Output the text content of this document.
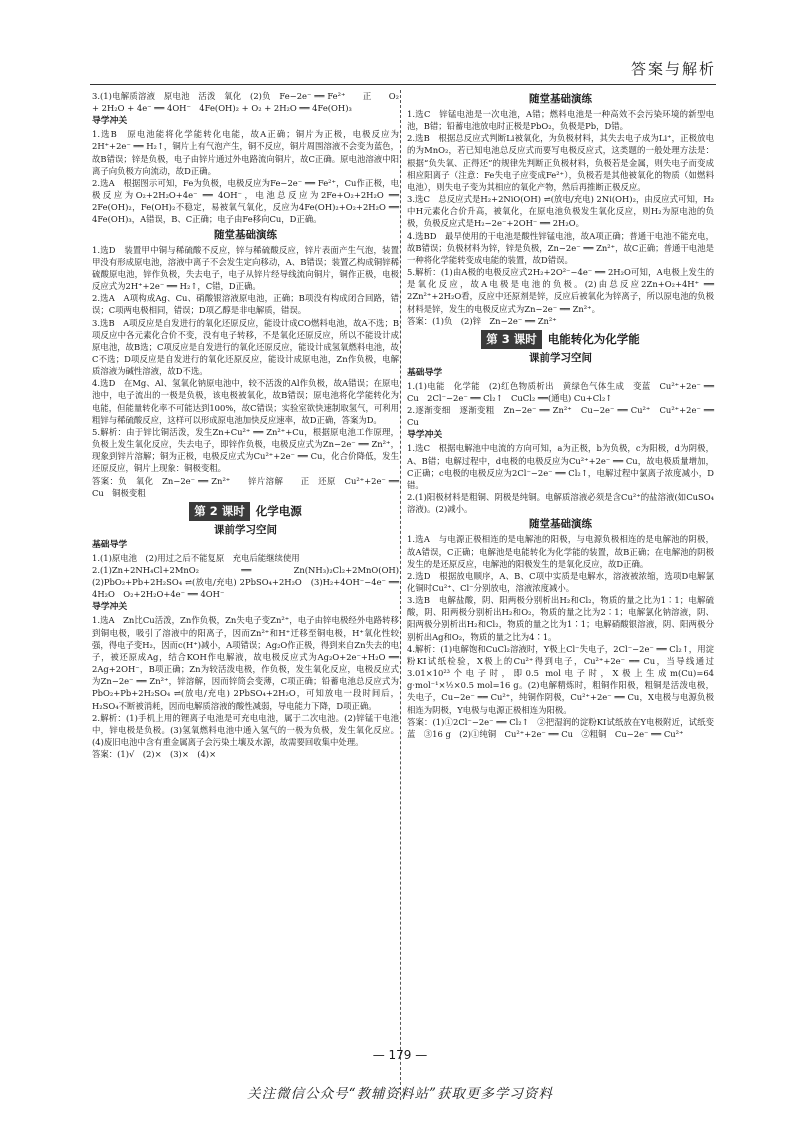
答案与解析
3.(1)电解质溶液　原电池　活泼　氧化　(2)负　Fe−2e⁻ ══ Fe²⁺　　正　　O₂ + 2H₂O + 4e⁻ ══ 4OH⁻　4Fe(OH)₂ + O₂ + 2H₂O ══ 4Fe(OH)₃
导学冲关
1.选B　原电池能将化学能转化电能，故A正确；铜片为正极，电极反应为2H⁺+2e⁻ ══ H₂↑，铜片上有气泡产生，铜不反应，铜片周围溶液不会变为蓝色，故B错误；锌是负极，电子由锌片通过外电路流向铜片，故C正确。原电池溶液中阳离子向负极方向流动，故D正确。
2.选A　根据图示可知，Fe为负极，电极反应为Fe−2e⁻ ══ Fe²⁺，Cu作正极，电极反应为O₂+2H₂O+4e⁻ ══ 4OH⁻，电池总反应为2Fe+O₂+2H₂O ══ 2Fe(OH)₂，Fe(OH)₂不稳定，易被氧气氧化，反应为4Fe(OH)₂+O₂+2H₂O ══ 4Fe(OH)₃，A错误，B、C正确；电子由Fe移向Cu，D正确。
随堂基础演练
1.选D　装置甲中铜与稀硫酸不反应，锌与稀硫酸反应，锌片表面产生气泡，装置甲没有形成原电池，溶液中离子不会发生定向移动，A、B错误；装置乙构成铜锌稀硫酸原电池，锌作负极，失去电子，电子从锌片经导线流向铜片，铜作正极，电极反应式为2H⁺+2e⁻ ══ H₂↑，C错，D正确。
2.选A　A项构成Ag、Cu、硝酸银溶液原电池，正确；B项没有构成闭合回路，错误；C项两电极相同，错误；D项乙醇是非电解质，错误。
3.选B　A项反应是自发进行的氧化还原反应，能设计成CO燃料电池，故A不选；B项反应中各元素化合价不变，没有电子转移，不是氧化还原反应，所以不能设计成原电池，故B选；C项反应是自发进行的氧化还原反应，能设计成氢氧燃料电池，故C不选；D项反应是自发进行的氧化还原反应，能设计成原电池，Zn作负极，电解质溶液为碱性溶液，故D不选。
4.选D　在Mg、Al、氢氧化钠原电池中，较不活泼的Al作负极，故A错误；在原电池中，电子流出的一极是负极，该电极被氧化，故B错误；原电池将化学能转化为电能，但能量转化率不可能达到100%，故C错误；实验室欲快速制取氢气，可利用粗锌与稀硫酸反应，这样可以形成原电池加快反应速率，故D正确，答案为D。
5.解析：由于锌比铜活泼，发生Zn+Cu²⁺ ══ Zn²⁺+Cu，根据原电池工作原理，负极上发生氧化反应，失去电子，即锌作负极，电极反应式为Zn−2e⁻ ══ Zn²⁺，现象到锌片溶解；铜为正极，电极反应式为Cu²⁺+2e⁻ ══ Cu，化合价降低，发生还原反应，铜片上现象：铜极变粗。
答案：负　氧化　Zn−2e⁻ ══ Zn²⁺　　锌片溶解　　正　还原　Cu²⁺+2e⁻ ══ Cu　铜极变粗
第 2 课时 化学电源
课前学习空间
基础导学
1.(1)原电池　(2)用过之后不能复原　充电后能继续使用
2.(1)Zn+2NH₄Cl+2MnO₂ ══ Zn(NH₃)₂Cl₂+2MnO(OH)　(2)PbO₂+Pb+2H₂SO₄ ⇌(放电/充电) 2PbSO₄+2H₂O　(3)H₂+4OH⁻−4e⁻ ══ 4H₂O　O₂+2H₂O+4e⁻ ══ 4OH⁻
导学冲关
1.选A　Zn比Cu活泼，Zn作负极，Zn失电子变Zn²⁺，电子由锌电极经外电路转移到铜电极，吸引了溶液中的阳离子，因而Zn²⁺和H⁺迁移至铜电极，H⁺氧化性较强，得电子变H₂，因而c(H⁺)减小，A项错误；Ag₂O作正极，得到来自Zn失去的电子，被还原成Ag，结合KOH作电解液，故电极反应式为Ag₂O+2e⁻+H₂O ══ 2Ag+2OH⁻，B项正确；Zn为较活泼电极，作负极，发生氧化反应，电极反应式为Zn−2e⁻ ══ Zn²⁺，锌溶解，因而锌筒会变薄，C项正确；铅蓄电池总反应式为PbO₂+Pb+2H₂SO₄ ⇌(放电/充电) 2PbSO₄+2H₂O，可知放电一段时间后，H₂SO₄不断被消耗，因而电解质溶液的酸性减弱，导电能力下降，D项正确。
2.解析：(1)手机上用的锂离子电池是可充电电池，属于二次电池。(2)锌锰干电池中，锌电极是负极。(3)氢氧燃料电池中通入氢气的一极为负极，发生氧化反应。(4)废旧电池中含有重金属离子会污染土壤及水源，故需要回收集中处理。
答案：(1)√　(2)×　(3)×　(4)×
随堂基础演练
1.选C　锌锰电池是一次电池，A错；燃料电池是一种高效不会污染环境的新型电池，B错；铅蓄电池放电时正极是PbO₂，负极是Pb，D错。
2.选B　根据总反应式判断Li被氧化，为负极材料，其失去电子成为Li⁺，正极放电的为MnO₂，若已知电池总反应式而要写电极反应式，这类题的一般处理方法是：根据“负失氧、正得还”的规律先判断正负极材料，负极若是金属，则失电子而变成相应阳离子（注意：Fe失电子应变成Fe²⁺），负极若是其他被氧化的物质（如燃料电池），则失电子变为其相应的氧化产物，然后再推断正极反应。
3.选C　总反应式是H₂+2NiO(OH) ⇌(放电/充电) 2Ni(OH)₂，由反应式可知，H₂中H元素化合价升高，被氧化，在原电池负极发生氧化反应，则H₂为原电池的负极，负极反应式是H₂−2e⁻+2OH⁻ ══ 2H₂O。
4.选BD　最早使用的干电池是酸性锌锰电池，故A项正确；普通干电池不能充电，故B错误；负极材料为锌，锌是负极，Zn−2e⁻ ══ Zn²⁺，故C正确；普通干电池是一种将化学能转变成电能的装置，故D错误。
5.解析：(1)由A极的电极反应式2H₂+2O²⁻−4e⁻ ══ 2H₂O可知，A电极上发生的是氧化反应，故A电极是电池的负极。(2)由总反应2Zn+O₂+4H⁺ ══ 2Zn²⁺+2H₂O看，反应中还原剂是锌，反应后被氧化为锌离子，所以原电池的负极材料是锌，发生的电极反应式为Zn−2e⁻ ══ Zn²⁺。
答案：(1)负　(2)锌　Zn−2e⁻ ══ Zn²⁺
第 3 课时 电能转化为化学能
课前学习空间
基础导学
1.(1)电能　化学能　(2)红色物质析出　黄绿色气体生成　变蓝　Cu²⁺+2e⁻ ══ Cu　2Cl⁻−2e⁻ ══ Cl₂↑　CuCl₂ ══(通电) Cu+Cl₂↑
2.逐渐变细　逐渐变粗　Zn−2e⁻ ══ Zn²⁺　Cu−2e⁻ ══ Cu²⁺　Cu²⁺+2e⁻ ══ Cu
导学冲关
1.选C　根据电解池中电流的方向可知，a为正极，b为负极，c为阳极，d为阴极，A、B错；电解过程中，d电极的电极反应为Cu²⁺+2e⁻ ══ Cu，故电极质量增加，C正确；c电极的电极反应为2Cl⁻−2e⁻ ══ Cl₂↑，电解过程中氯离子浓度减小，D错。
2.(1)阳极材料是粗铜、阴极是纯铜。电解质溶液必须是含Cu²⁺的盐溶液(如CuSO₄溶液)。(2)减小。
随堂基础演练
1.选A　与电源正极相连的是电解池的阳极，与电源负极相连的是电解池的阴极，故A错误，C正确；电解池是电能转化为化学能的装置，故B正确；在电解池的阴极发生的是还原反应，电解池的阳极发生的是氧化反应，故D正确。
2.选D　根据放电顺序，A、B、C项中实质是电解水，溶液被浓缩，选项D电解氯化铜时Cu²⁺、Cl⁻分别放电，溶液浓度减小。
3.选B　电解盐酸，阴、阳两极分别析出H₂和Cl₂，物质的量之比为1∶1；电解硫酸，阴、阳两极分别析出H₂和O₂，物质的量之比为2∶1；电解氯化钠溶液，阴、阳两极分别析出H₂和Cl₂，物质的量之比为1∶1；电解硝酸银溶液，阴、阳两极分别析出Ag和O₂，物质的量之比为4∶1。
4.解析：(1)电解饱和CuCl₂溶液时，Y极上Cl⁻失电子，2Cl⁻−2e⁻ ══ Cl₂↑，用淀粉KI试纸检验，X极上的Cu²⁺得到电子，Cu²⁺+2e⁻ ══ Cu，当导线通过3.01×10²³个电子时，即0.5 mol电子时，X极上生成m(Cu)=64 g·mol⁻¹×½×0.5 mol=16 g。(2)电解精炼时，粗铜作阳极，粗铜是活泼电极，失电子，Cu−2e⁻ ══ Cu²⁺，纯铜作阴极，Cu²⁺+2e⁻ ══ Cu，X电极与电源负极相连为阴极，Y电极与电源正极相连为阳极。
答案：(1)①2Cl⁻−2e⁻ ══ Cl₂↑　②把湿润的淀粉KI试纸放在Y电极附近，试纸变蓝　③16 g　(2)①纯铜　Cu²⁺+2e⁻ ══ Cu　②粗铜　Cu−2e⁻ ══ Cu²⁺
— 179 —
关注微信公众号“教辅资料站”获取更多学习资料
